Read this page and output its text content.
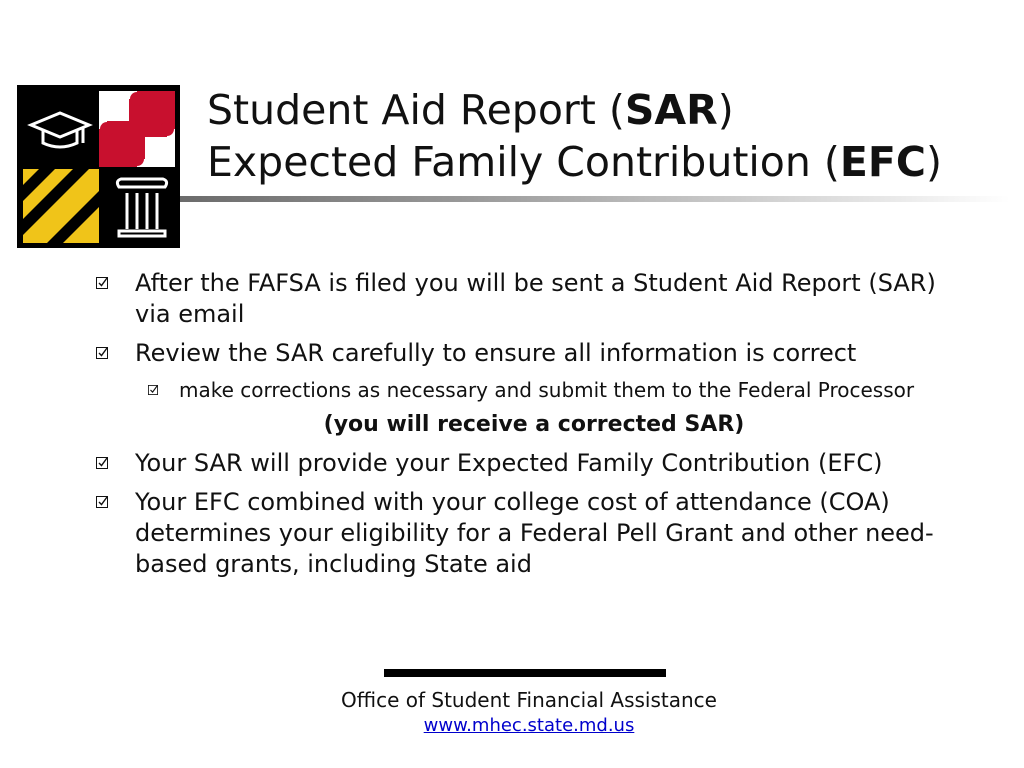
Student Aid Report (SAR)
Expected Family Contribution (EFC)
After the FAFSA is filed you will be sent a Student Aid Report (SAR) via email
Review the SAR carefully to ensure all information is correct
make corrections as necessary and submit them to the Federal Processor
(you will receive a corrected SAR)
Your SAR will provide your Expected Family Contribution (EFC)
Your EFC combined with your college cost of attendance (COA) determines your eligibility for a Federal Pell Grant and other need-based grants, including State aid
Office of Student Financial Assistance
www.mhec.state.md.us
